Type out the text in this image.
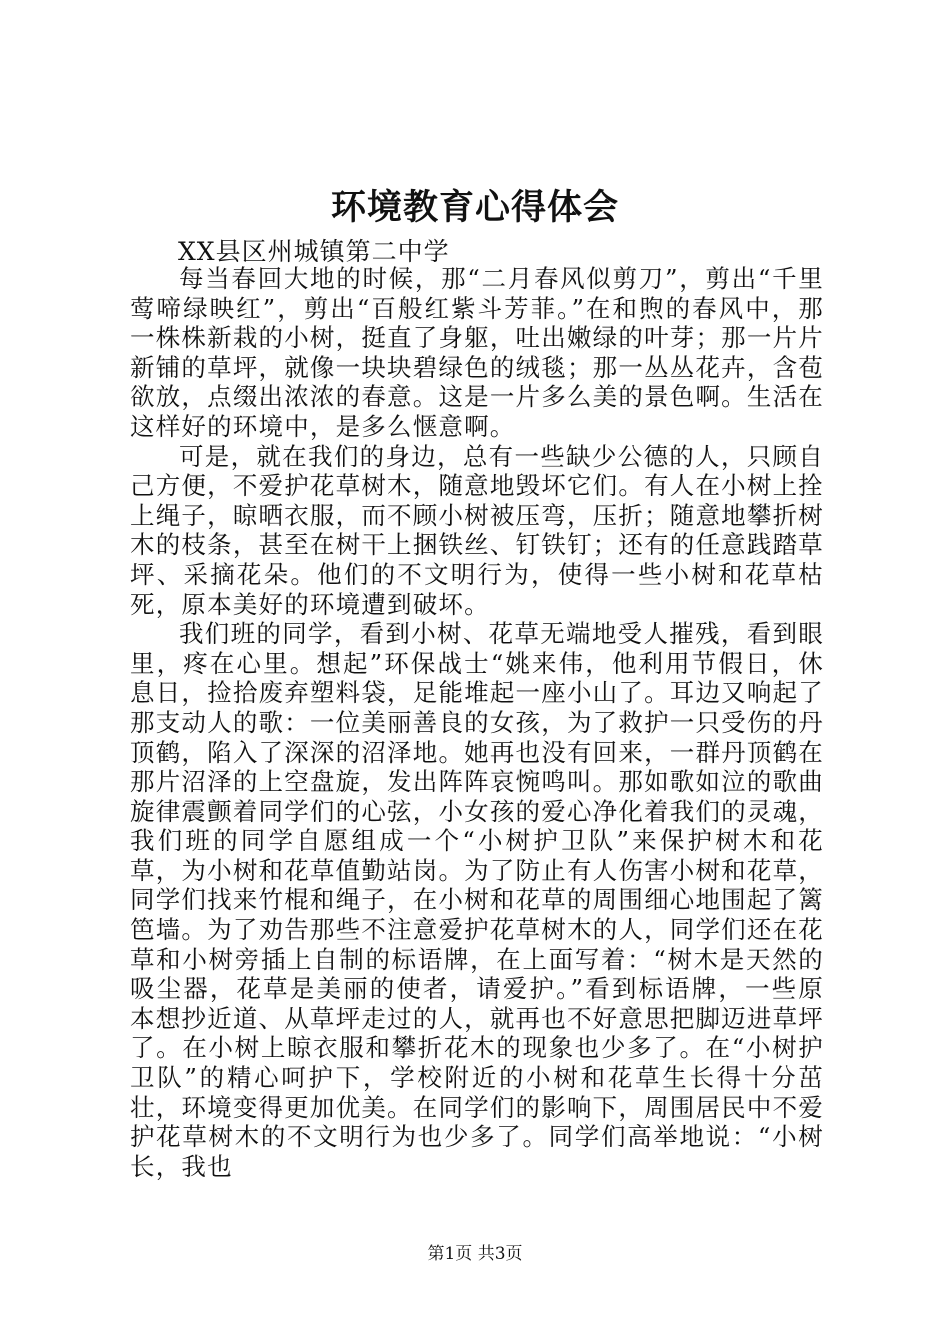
环境教育心得体会

XX县区州城镇第二中学

每当春回大地的时候，那“二月春风似剪刀”，剪出“千里莺啼绿映红”，剪出“百般红紫斗芳菲。”在和煦的春风中，那一株株新栽的小树，挺直了身躯，吐出嫩绿的叶芽；那一片片新铺的草坪，就像一块块碧绿色的绒毯；那一丛丛花卉，含苞欲放，点缀出浓浓的春意。这是一片多么美的景色啊。生活在这样好的环境中，是多么惬意啊。

可是，就在我们的身边，总有一些缺少公德的人，只顾自己方便，不爱护花草树木，随意地毁坏它们。有人在小树上拴上绳子，晾晒衣服，而不顾小树被压弯，压折；随意地攀折树木的枝条，甚至在树干上捆铁丝、钉铁钉；还有的任意践踏草坪、采摘花朵。他们的不文明行为，使得一些小树和花草枯死，原本美好的环境遭到破坏。

我们班的同学，看到小树、花草无端地受人摧残，看到眼里，疼在心里。想起”环保战士“姚来伟，他利用节假日，休息日，捡拾废弃塑料袋，足能堆起一座小山了。耳边又响起了那支动人的歌：一位美丽善良的女孩，为了救护一只受伤的丹顶鹤，陷入了深深的沼泽地。她再也没有回来，一群丹顶鹤在那片沼泽的上空盘旋，发出阵阵哀惋鸣叫。那如歌如泣的歌曲旋律震颤着同学们的心弦，小女孩的爱心净化着我们的灵魂，我们班的同学自愿组成一个“小树护卫队”来保护树木和花草，为小树和花草值勤站岗。为了防止有人伤害小树和花草，同学们找来竹棍和绳子，在小树和花草的周围细心地围起了篱笆墙。为了劝告那些不注意爱护花草树木的人，同学们还在花草和小树旁插上自制的标语牌，在上面写着：“树木是天然的吸尘器，花草是美丽的使者，请爱护。”看到标语牌，一些原本想抄近道、从草坪走过的人，就再也不好意思把脚迈进草坪了。在小树上晾衣服和攀折花木的现象也少多了。在“小树护卫队”的精心呵护下，学校附近的小树和花草生长得十分茁壮，环境变得更加优美。在同学们的影响下，周围居民中不爱护花草树木的不文明行为也少多了。同学们高举地说：“小树长，我也

第1页 共3页
